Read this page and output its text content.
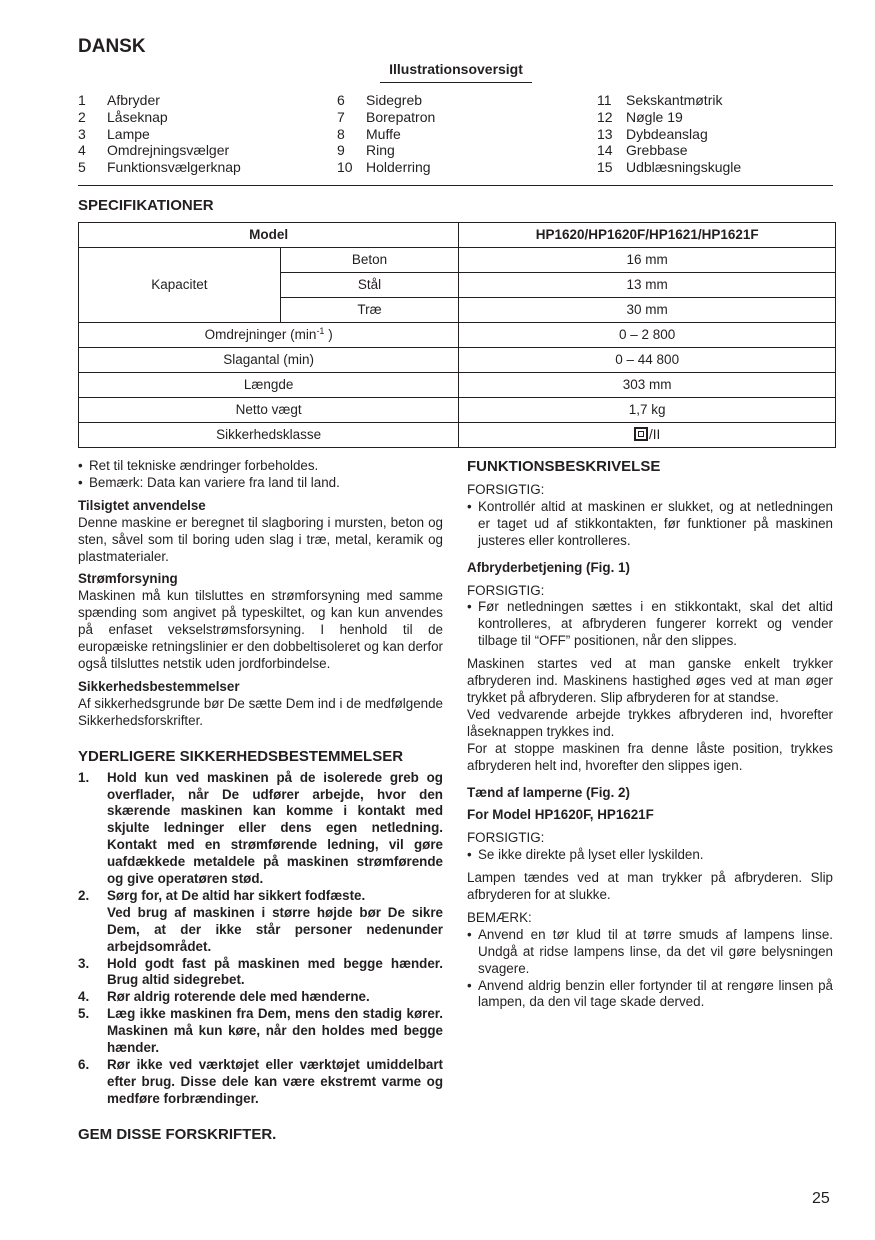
DANSK
Illustrationsoversigt
1	Afbryder
2	Låseknap
3	Lampe
4	Omdrejningsvælger
5	Funktionsvælgerknap
6	Sidegreb
7	Borepatron
8	Muffe
9	Ring
10 Holderring
11	Sekskantmøtrik
12 Nøgle 19
13 Dybdeanslag
14 Grebbase
15 Udblæsningskugle
SPECIFIKATIONER
Model		HP1620/HP1620F/HP1621/HP1621F
Kapacitet	Beton	16 mm
	Stål	13 mm
	Træ	30 mm
Omdrejninger ($\min^{-1}$ )		0 – 2 800
Slagantal (min)		0 – 44 800
Længde		303 mm
Netto vægt		1,7 kg
Sikkerhedsklasse		/II
• Ret til tekniske ændringer forbeholdes.
• Bemærk: Data kan variere fra land til land.
Tilsigtet anvendelse
Denne maskine er beregnet til slagboring i mursten, beton og sten, såvel som til boring uden slag i træ, metal, keramik og plastmaterialer.
Strømforsyning
Maskinen må kun tilsluttes en strømforsyning med samme spænding som angivet på typeskiltet, og kan kun anvendes på enfaset vekselstrømsforsyning. I henhold til de europæiske retningslinier er den dobbeltisoleret og kan derfor også tilsluttes netstik uden jordforbindelse.
Sikkerhedsbestemmelser
Af sikkerhedsgrunde bør De sætte Dem ind i de medfølgende Sikkerhedsforskrifter.
YDERLIGERE SIKKERHEDSBESTEMMELSER
1.	Hold kun ved maskinen på de isolerede greb og overflader, når De udfører arbejde, hvor den skærende maskinen kan komme i kontakt med skjulte ledninger eller dens egen netledning. Kontakt med en strømførende ledning, vil gøre uafdækkede metaldele på maskinen strømførende og give operatøren stød.
2.	Sørg for, at De altid har sikkert fodfæste.
Ved brug af maskinen i større højde bør De sikre Dem, at der ikke står personer nedenunder arbejdsområdet.
3.	Hold godt fast på maskinen med begge hænder. Brug altid sidegrebet.
4.	Rør aldrig roterende dele med hænderne.
5.	Læg ikke maskinen fra Dem, mens den stadig kører. Maskinen må kun køre, når den holdes med begge hænder.
6.	Rør ikke ved værktøjet eller værktøjet umiddelbart efter brug. Disse dele kan være ekstremt varme og medføre forbrændinger.
GEM DISSE FORSKRIFTER.
FUNKTIONSBESKRIVELSE
FORSIGTIG:
• Kontrollér altid at maskinen er slukket, og at netledningen er taget ud af stikkontakten, før funktioner på maskinen justeres eller kontrolleres.
Afbryderbetjening (Fig. 1)
FORSIGTIG:
• Før netledningen sættes i en stikkontakt, skal det altid kontrolleres, at afbryderen fungerer korrekt og vender tilbage til “OFF” positionen, når den slippes.
Maskinen startes ved at man ganske enkelt trykker afbryderen ind. Maskinens hastighed øges ved at man øger trykket på afbryderen. Slip afbryderen for at standse.
Ved vedvarende arbejde trykkes afbryderen ind, hvorefter låseknappen trykkes ind.
For at stoppe maskinen fra denne låste position, trykkes afbryderen helt ind, hvorefter den slippes igen.
Tænd af lamperne (Fig. 2)
For Model HP1620F, HP1621F
FORSIGTIG:
• Se ikke direkte på lyset eller lyskilden.
Lampen tændes ved at man trykker på afbryderen. Slip afbryderen for at slukke.
BEMÆRK:
• Anvend en tør klud til at tørre smuds af lampens linse. Undgå at ridse lampens linse, da det vil gøre belysningen svagere.
• Anvend aldrig benzin eller fortynder til at rengøre linsen på lampen, da den vil tage skade derved.
25
